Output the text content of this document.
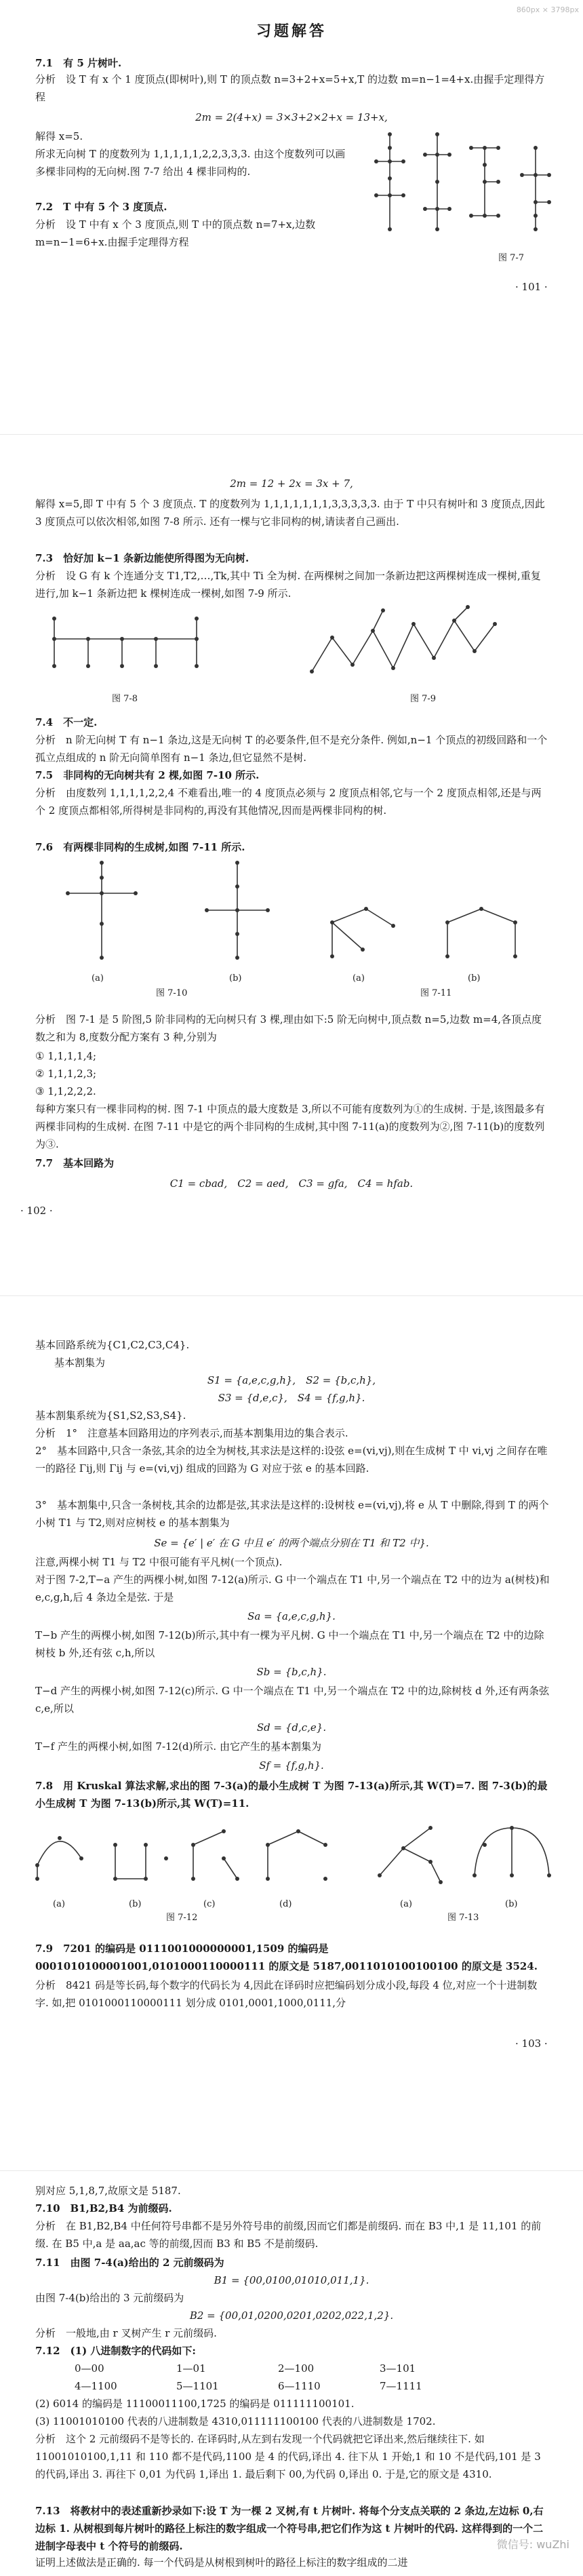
860px × 3798px
习题解答

7.1　有 5 片树叶.

分析　设 T 有 x 个 1 度顶点(即树叶),则 T 的顶点数 n=3+2+x=5+x,T 的边数 m=n−1=4+x.由握手定理得方程

2m = 2(4+x) = 3×3+2×2+x = 13+x,

解得 x=5.

所求无向树 T 的度数列为 1,1,1,1,1,2,2,3,3,3. 由这个度数列可以画多棵非同构的无向树.图 7-7 给出 4 棵非同构的.

7.2　T 中有 5 个 3 度顶点.

分析　设 T 中有 x 个 3 度顶点,则 T 中的顶点数 n=7+x,边数 m=n−1=6+x.由握手定理得方程

图 7-7
· 101 ·
2m = 12 + 2x = 3x + 7,

解得 x=5,即 T 中有 5 个 3 度顶点. T 的度数列为 1,1,1,1,1,1,1,3,3,3,3,3. 由于 T 中只有树叶和 3 度顶点,因此 3 度顶点可以依次相邻,如图 7-8 所示. 还有一棵与它非同构的树,请读者自己画出.

7.3　恰好加 k−1 条新边能使所得图为无向树.

分析　设 G 有 k 个连通分支 T1,T2,…,Tk,其中 Ti 全为树. 在两棵树之间加一条新边把这两棵树连成一棵树,重复进行,加 k−1 条新边把 k 棵树连成一棵树,如图 7-9 所示.

图 7-8	图 7-9

7.4　不一定.

分析　n 阶无向树 T 有 n−1 条边,这是无向树 T 的必要条件,但不是充分条件. 例如,n−1 个顶点的初级回路和一个孤立点组成的 n 阶无向简单图有 n−1 条边,但它显然不是树.

7.5　非同构的无向树共有 2 棵,如图 7-10 所示.

分析　由度数列 1,1,1,1,2,2,4 不难看出,唯一的 4 度顶点必须与 2 度顶点相邻,它与一个 2 度顶点相邻,还是与两个 2 度顶点都相邻,所得树是非同构的,再没有其他情况,因而是两棵非同构的树.

7.6　有两棵非同构的生成树,如图 7-11 所示.

(a)	(b)
图 7-10
(a)	(b)
图 7-11

分析　图 7-1 是 5 阶图,5 阶非同构的无向树只有 3 棵,理由如下:5 阶无向树中,顶点数 n=5,边数 m=4,各顶点度数之和为 8,度数分配方案有 3 种,分别为

① 1,1,1,1,4;

② 1,1,1,2,3;

③ 1,1,2,2,2.

每种方案只有一棵非同构的树. 图 7-1 中顶点的最大度数是 3,所以不可能有度数列为①的生成树. 于是,该图最多有两棵非同构的生成树. 在图 7-11 中是它的两个非同构的生成树,其中图 7-11(a)的度数列为②,图 7-11(b)的度数列为③.

7.7　基本回路为

C1 = cbad,　C2 = aed,　C3 = gfa,　C4 = hfab.
· 102 ·

基本回路系统为{C1,C2,C3,C4}.

基本割集为

S1 = {a,e,c,g,h},　S2 = {b,c,h},
S3 = {d,e,c},　S4 = {f,g,h}.

基本割集系统为{S1,S2,S3,S4}.

分析　1°　注意基本回路用边的序列表示,而基本割集用边的集合表示.

2°　基本回路中,只含一条弦,其余的边全为树枝,其求法是这样的:设弦 e=(vi,vj),则在生成树 T 中 vi,vj 之间存在唯一的路径 Γij,则 Γij 与 e=(vi,vj) 组成的回路为 G 对应于弦 e 的基本回路.

3°　基本割集中,只含一条树枝,其余的边都是弦,其求法是这样的:设树枝 e=(vi,vj),将 e 从 T 中删除,得到 T 的两个小树 T1 与 T2,则对应树枝 e 的基本割集为

Se = {e′ | e′ 在 G 中且 e′ 的两个端点分别在 T1 和 T2 中}.

注意,两棵小树 T1 与 T2 中很可能有平凡树(一个顶点).

对于图 7-2,T−a 产生的两棵小树,如图 7-12(a)所示. G 中一个端点在 T1 中,另一个端点在 T2 中的边为 a(树枝)和 e,c,g,h,后 4 条边全是弦. 于是

Sa = {a,e,c,g,h}.

T−b 产生的两棵小树,如图 7-12(b)所示,其中有一棵为平凡树. G 中一个端点在 T1 中,另一个端点在 T2 中的边除树枝 b 外,还有弦 c,h,所以

Sb = {b,c,h}.

T−d 产生的两棵小树,如图 7-12(c)所示. G 中一个端点在 T1 中,另一个端点在 T2 中的边,除树枝 d 外,还有两条弦 c,e,所以

Sd = {d,c,e}.

T−f 产生的两棵小树,如图 7-12(d)所示. 由它产生的基本割集为

Sf = {f,g,h}.

7.8　用 Kruskal 算法求解,求出的图 7-3(a)的最小生成树 T 为图 7-13(a)所示,其 W(T)=7. 图 7-3(b)的最小生成树 T 为图 7-13(b)所示,其 W(T)=11.

(a)	(b)	(c)	(d)
图 7-12
(a)	(b)
图 7-13

7.9　7201 的编码是 0111001000000001,1509 的编码是 0001010100001001,0101000110000111 的原文是 5187,0011010100100100 的原文是 3524.

分析　8421 码是等长码,每个数字的代码长为 4,因此在译码时应把编码划分成小段,每段 4 位,对应一个十进制数字. 如,把 0101000110000111 划分成 0101,0001,1000,0111,分

· 103 ·

别对应 5,1,8,7,故原文是 5187.

7.10　B1,B2,B4 为前缀码.

分析　在 B1,B2,B4 中任何符号串都不是另外符号串的前缀,因而它们都是前缀码. 而在 B3 中,1 是 11,101 的前缀. 在 B5 中,a 是 aa,ac 等的前缀,因而 B3 和 B5 不是前缀码.

7.11　由图 7-4(a)给出的 2 元前缀码为

B1 = {00,0100,01010,011,1}.

由图 7-4(b)给出的 3 元前缀码为

B2 = {00,01,0200,0201,0202,022,1,2}.

分析　一般地,由 r 叉树产生 r 元前缀码.

7.12　(1) 八进制数字的代码如下:

0—00	1—01	2—100	3—101
4—1100	5—1101	6—1110	7—1111

(2) 6014 的编码是 11100011100,1725 的编码是 011111100101.

(3) 11001010100 代表的八进制数是 4310,011111100100 代表的八进制数是 1702.

分析　这个 2 元前缀码不是等长的. 在译码时,从左到右发现一个代码就把它译出来,然后继续往下. 如 11001010100,1,11 和 110 都不是代码,1100 是 4 的代码,译出 4. 往下从 1 开始,1 和 10 不是代码,101 是 3 的代码,译出 3. 再往下 0,01 为代码 1,译出 1. 最后剩下 00,为代码 0,译出 0. 于是,它的原文是 4310.

7.13　将教材中的表述重新抄录如下:设 T 为一棵 2 叉树,有 t 片树叶. 将每个分支点关联的 2 条边,左边标 0,右边标 1. 从树根到每片树叶的路径上标注的数字组成一个符号串,把它们作为这 t 片树叶的代码. 这样得到的一个二进制字母表中 t 个符号的前缀码.

证明上述做法是正确的. 每一个代码是从树根到树叶的路径上标注的数字组成的二进

微信号: wuZhi
